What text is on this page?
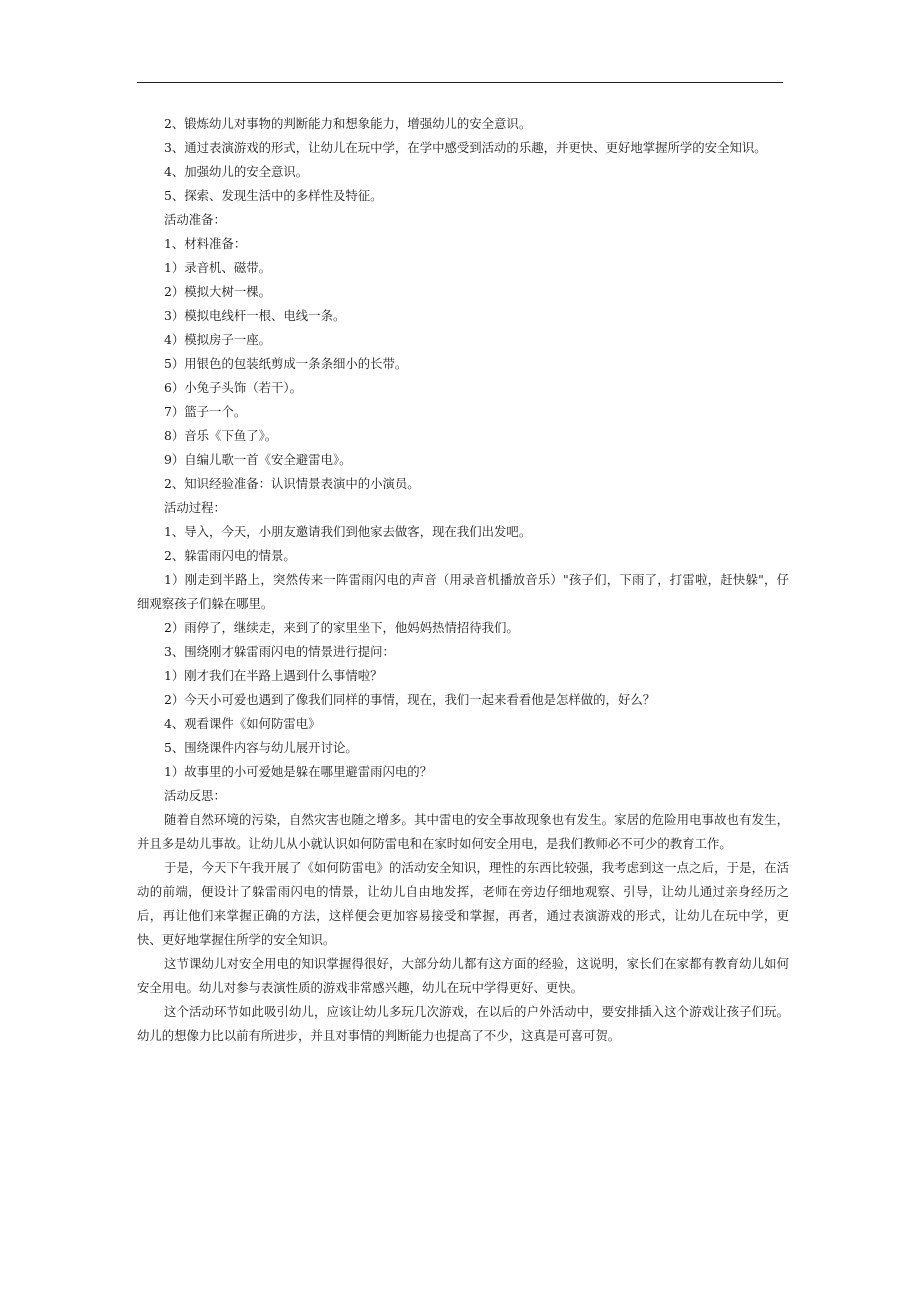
2、锻炼幼儿对事物的判断能力和想象能力，增强幼儿的安全意识。

3、通过表演游戏的形式，让幼儿在玩中学，在学中感受到活动的乐趣，并更快、更好地掌握所学的安全知识。

4、加强幼儿的安全意识。

5、探索、发现生活中的多样性及特征。

活动准备：

1、材料准备：

1）录音机、磁带。

2）模拟大树一棵。

3）模拟电线杆一根、电线一条。

4）模拟房子一座。

5）用银色的包装纸剪成一条条细小的长带。

6）小兔子头饰（若干）。

7）篮子一个。

8）音乐《下鱼了》。

9）自编儿歌一首《安全避雷电》。

2、知识经验准备：认识情景表演中的小演员。

活动过程：

1、导入，今天，小朋友邀请我们到他家去做客，现在我们出发吧。

2、躲雷雨闪电的情景。

1）刚走到半路上，突然传来一阵雷雨闪电的声音（用录音机播放音乐）"孩子们，下雨了，打雷啦，赶快躲"，仔细观察孩子们躲在哪里。

2）雨停了，继续走，来到了的家里坐下，他妈妈热情招待我们。

3、围绕刚才躲雷雨闪电的情景进行提问：

1）刚才我们在半路上遇到什么事情啦？

2）今天小可爱也遇到了像我们同样的事情，现在，我们一起来看看他是怎样做的，好么？

4、观看课件《如何防雷电》

5、围绕课件内容与幼儿展开讨论。

1）故事里的小可爱她是躲在哪里避雷雨闪电的？

活动反思：

随着自然环境的污染，自然灾害也随之增多。其中雷电的安全事故现象也有发生。家居的危险用电事故也有发生，并且多是幼儿事故。让幼儿从小就认识如何防雷电和在家时如何安全用电，是我们教师必不可少的教育工作。

于是，今天下午我开展了《如何防雷电》的活动安全知识，理性的东西比较强，我考虑到这一点之后，于是，在活动的前端，便设计了躲雷雨闪电的情景，让幼儿自由地发挥，老师在旁边仔细地观察、引导，让幼儿通过亲身经历之后，再让他们来掌握正确的方法，这样便会更加容易接受和掌握，再者，通过表演游戏的形式，让幼儿在玩中学，更快、更好地掌握住所学的安全知识。

这节课幼儿对安全用电的知识掌握得很好，大部分幼儿都有这方面的经验，这说明，家长们在家都有教育幼儿如何安全用电。幼儿对参与表演性质的游戏非常感兴趣，幼儿在玩中学得更好、更快。

这个活动环节如此吸引幼儿，应该让幼儿多玩几次游戏，在以后的户外活动中，要安排插入这个游戏让孩子们玩。幼儿的想像力比以前有所进步，并且对事情的判断能力也提高了不少，这真是可喜可贺。
